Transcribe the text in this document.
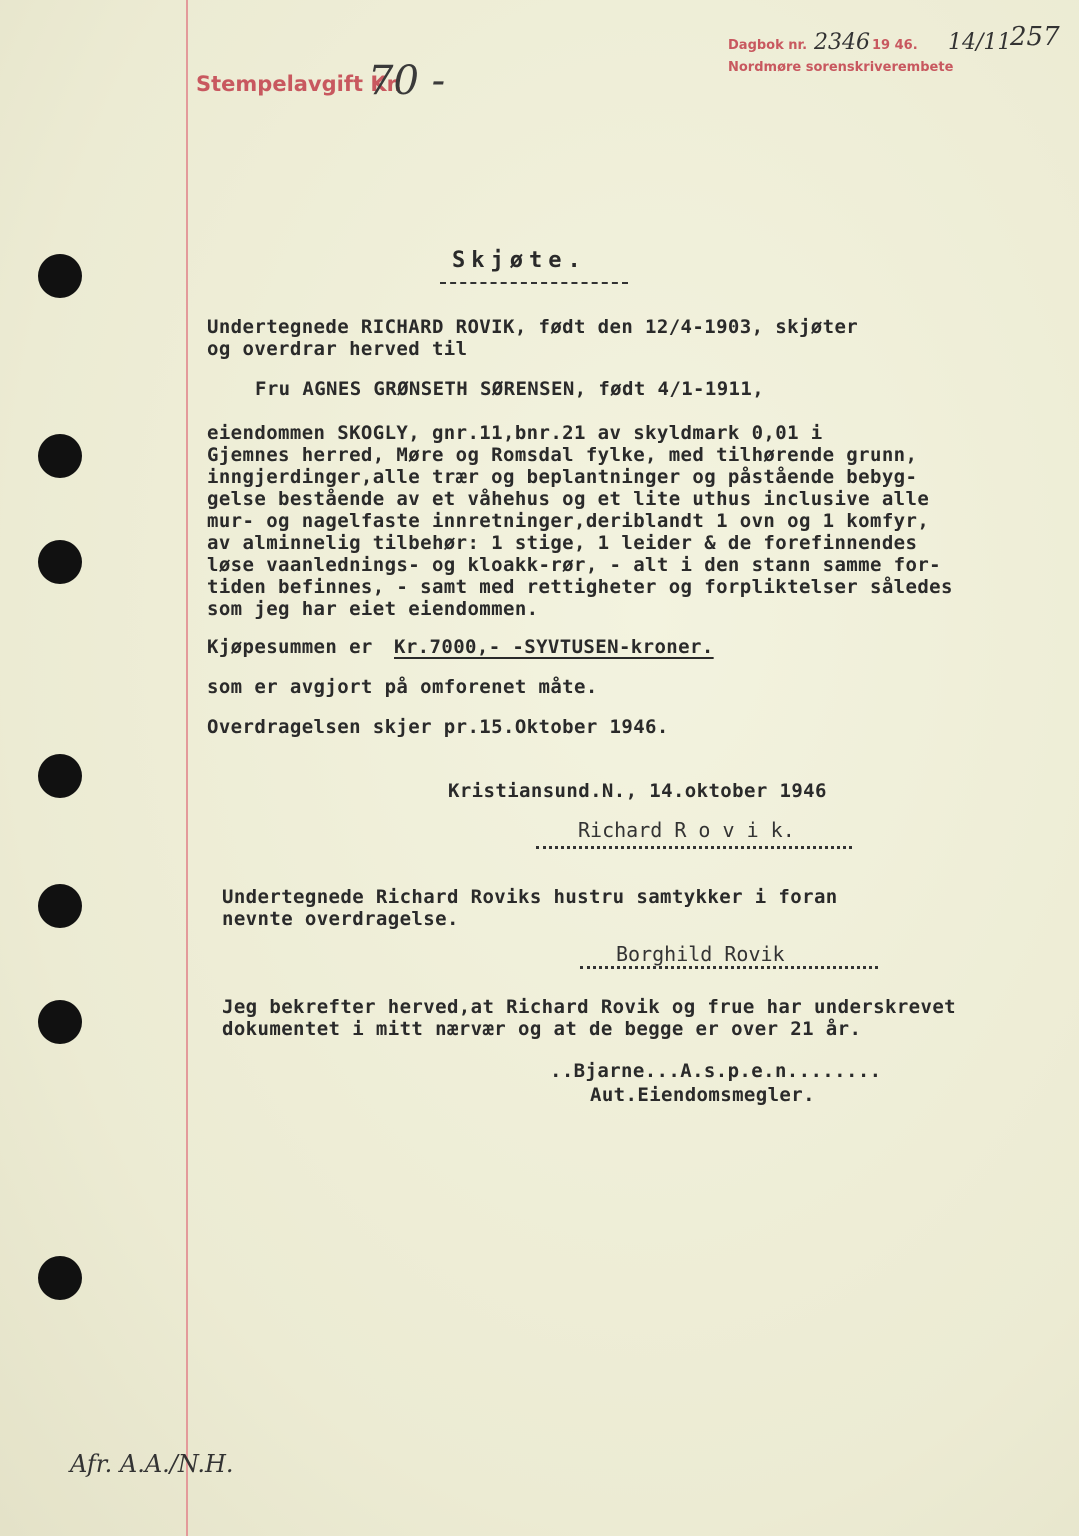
Stempelavgift Kr.
70 -
Dagbok nr. 2346 19 46. 14/11
257
Nordmøre sorenskriverembete
Skjøte.
Undertegnede RICHARD ROVIK, født den 12/4-1903, skjøter
og overdrar herved til
Fru AGNES GRØNSETH SØRENSEN, født 4/1-1911,
eiendommen SKOGLY, gnr.11,bnr.21 av skyldmark 0,01 i
Gjemnes herred, Møre og Romsdal fylke, med tilhørende grunn,
inngjerdinger,alle trær og beplantninger og påstående bebyg-
gelse bestående av et våhehus og et lite uthus inclusive alle
mur- og nagelfaste innretninger,deriblandt 1 ovn og 1 komfyr,
av alminnelig tilbehør: 1 stige, 1 leider & de forefinnendes
løse vaanlednings- og kloakk-rør, - alt i den stann samme for-
tiden befinnes, - samt med rettigheter og forpliktelser således
som jeg har eiet eiendommen.
Kjøpesummen er Kr.7000,- -SYVTUSEN-kroner.
som er avgjort på omforenet måte.
Overdragelsen skjer pr.15.Oktober 1946.
Kristiansund.N., 14.oktober 1946
Richard R o v i k.
Undertegnede Richard Roviks hustru samtykker i foran
nevnte overdragelse.
Borghild Rovik
Jeg bekrefter herved,at Richard Rovik og frue har underskrevet
dokumentet i mitt nærvær og at de begge er over 21 år.
..Bjarne...A.s.p.e.n........
Aut.Eiendomsmegler.
Afr. A.A./N.H.
